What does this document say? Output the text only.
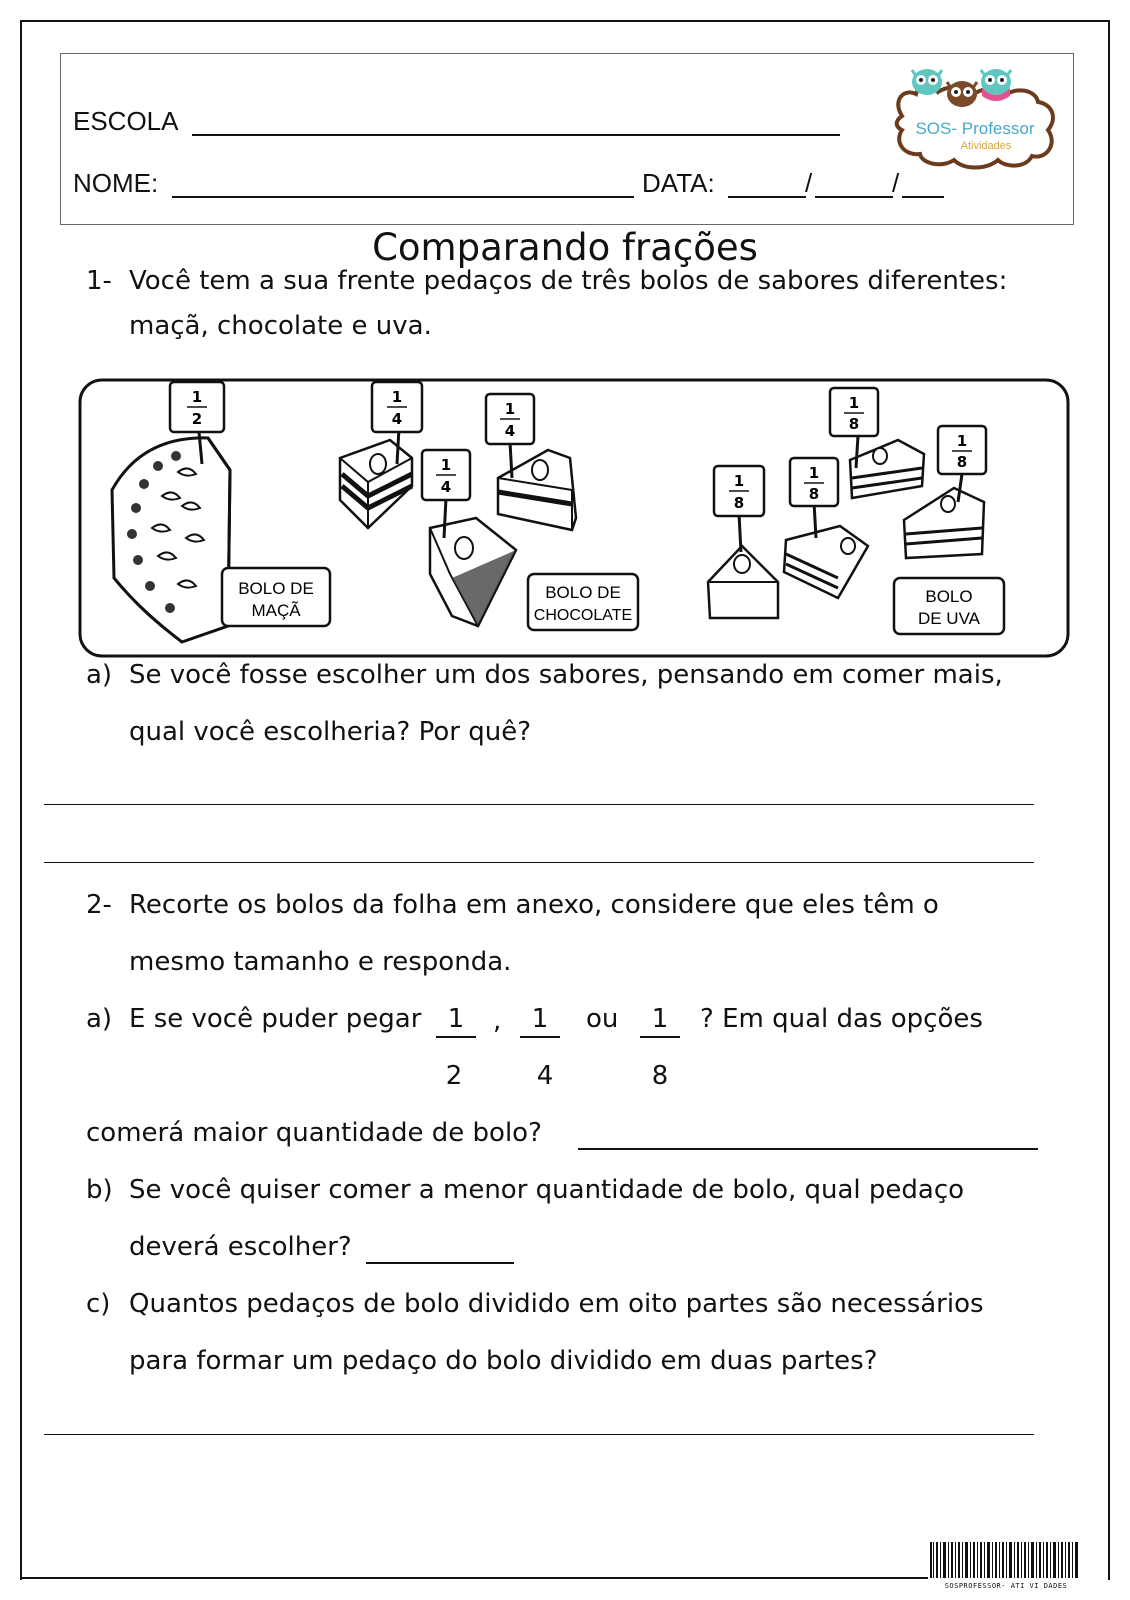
ESCOLA
NOME:	DATA:	/	/
SOS- Professor
Atividades
Comparando frações
1- Você tem a sua frente pedaços de três bolos de sabores diferentes:
maçã, chocolate e uva.
1
2
BOLO DE
MAÇÃ
1
4
1
4
1
4
BOLO DE
CHOCOLATE
1
8
1
8
1
8
1
8
BOLO
DE UVA
a) Se você fosse escolher um dos sabores, pensando em comer mais,
qual você escolheria? Por quê?
2- Recorte os bolos da folha em anexo, considere que eles têm o
mesmo tamanho e responda.
a) E se você puder pegar	1	,	1	ou	1	? Em qual das opções
2	4	8
comerá maior quantidade de bolo?
b) Se você quiser comer a menor quantidade de bolo, qual pedaço
deverá escolher?
c) Quantos pedaços de bolo dividido em oito partes são necessários
para formar um pedaço do bolo dividido em duas partes?
SOSPROFESSOR- ATI VI DADES
